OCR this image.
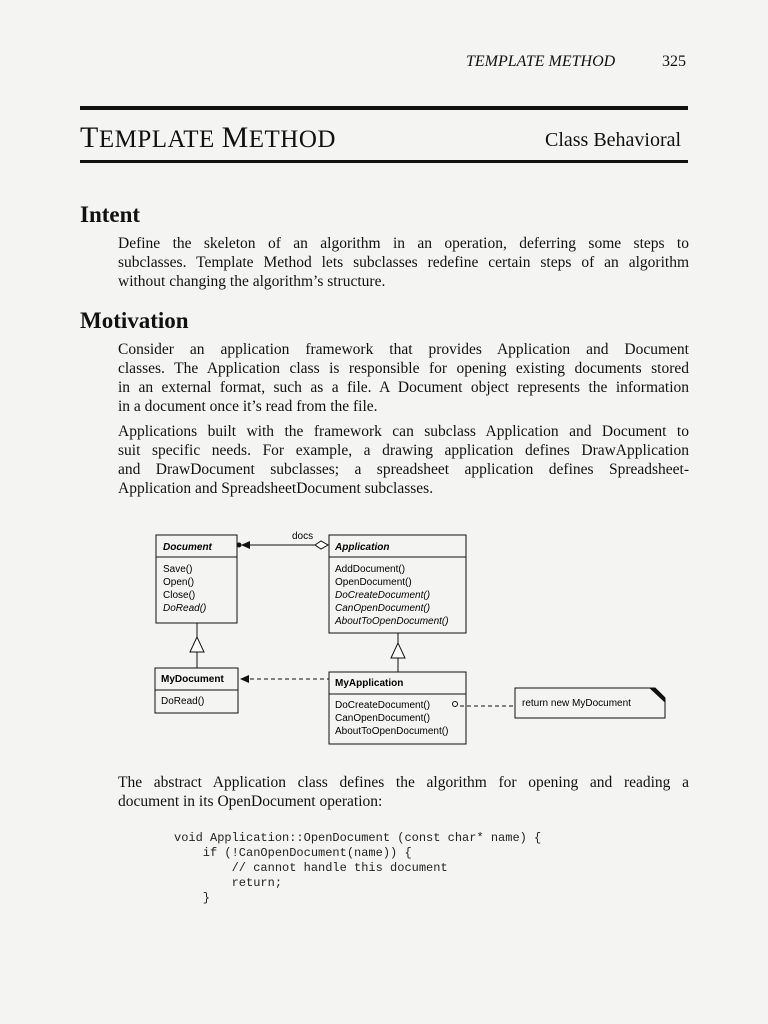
TEMPLATE METHOD	325
TEMPLATE METHOD	Class Behavioral
Intent
Define the skeleton of an algorithm in an operation, deferring some steps to
subclasses. Template Method lets subclasses redefine certain steps of an algorithm
without changing the algorithm’s structure.
Motivation
Consider an application framework that provides Application and Document
classes. The Application class is responsible for opening existing documents stored
in an external format, such as a file. A Document object represents the information
in a document once it’s read from the file.
Applications built with the framework can subclass Application and Document to
suit specific needs. For example, a drawing application defines DrawApplication
and DrawDocument subclasses; a spreadsheet application defines Spreadsheet-
Application and SpreadsheetDocument subclasses.
docs
Document
Save()
Open()
Close()
DoRead()
Application
AddDocument()
OpenDocument()
DoCreateDocument()
CanOpenDocument()
AboutToOpenDocument()
MyDocument
DoRead()
MyApplication
DoCreateDocument()
CanOpenDocument()
AboutToOpenDocument()
return new MyDocument
The abstract Application class defines the algorithm for opening and reading a
document in its OpenDocument operation:
void Application::OpenDocument (const char* name) {
if (!CanOpenDocument(name)) {
// cannot handle this document
return;
}
